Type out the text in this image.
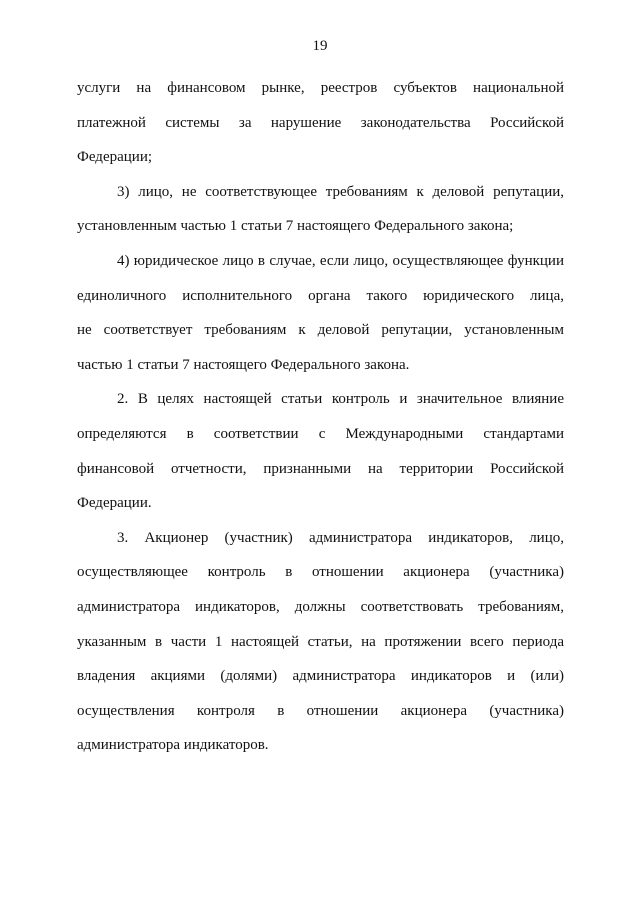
19
услуги на финансовом рынке, реестров субъектов национальной
платежной системы за нарушение законодательства Российской
Федерации;
3) лицо, не соответствующее требованиям к деловой репутации,
установленным частью 1 статьи 7 настоящего Федерального закона;
4) юридическое лицо в случае, если лицо, осуществляющее функции
единоличного исполнительного органа такого юридического лица,
не соответствует требованиям к деловой репутации, установленным
частью 1 статьи 7 настоящего Федерального закона.
2. В целях настоящей статьи контроль и значительное влияние
определяются в соответствии с Международными стандартами
финансовой отчетности, признанными на территории Российской
Федерации.
3. Акционер (участник) администратора индикаторов, лицо,
осуществляющее контроль в отношении акционера (участника)
администратора индикаторов, должны соответствовать требованиям,
указанным в части 1 настоящей статьи, на протяжении всего периода
владения акциями (долями) администратора индикаторов и (или)
осуществления контроля в отношении акционера (участника)
администратора индикаторов.
